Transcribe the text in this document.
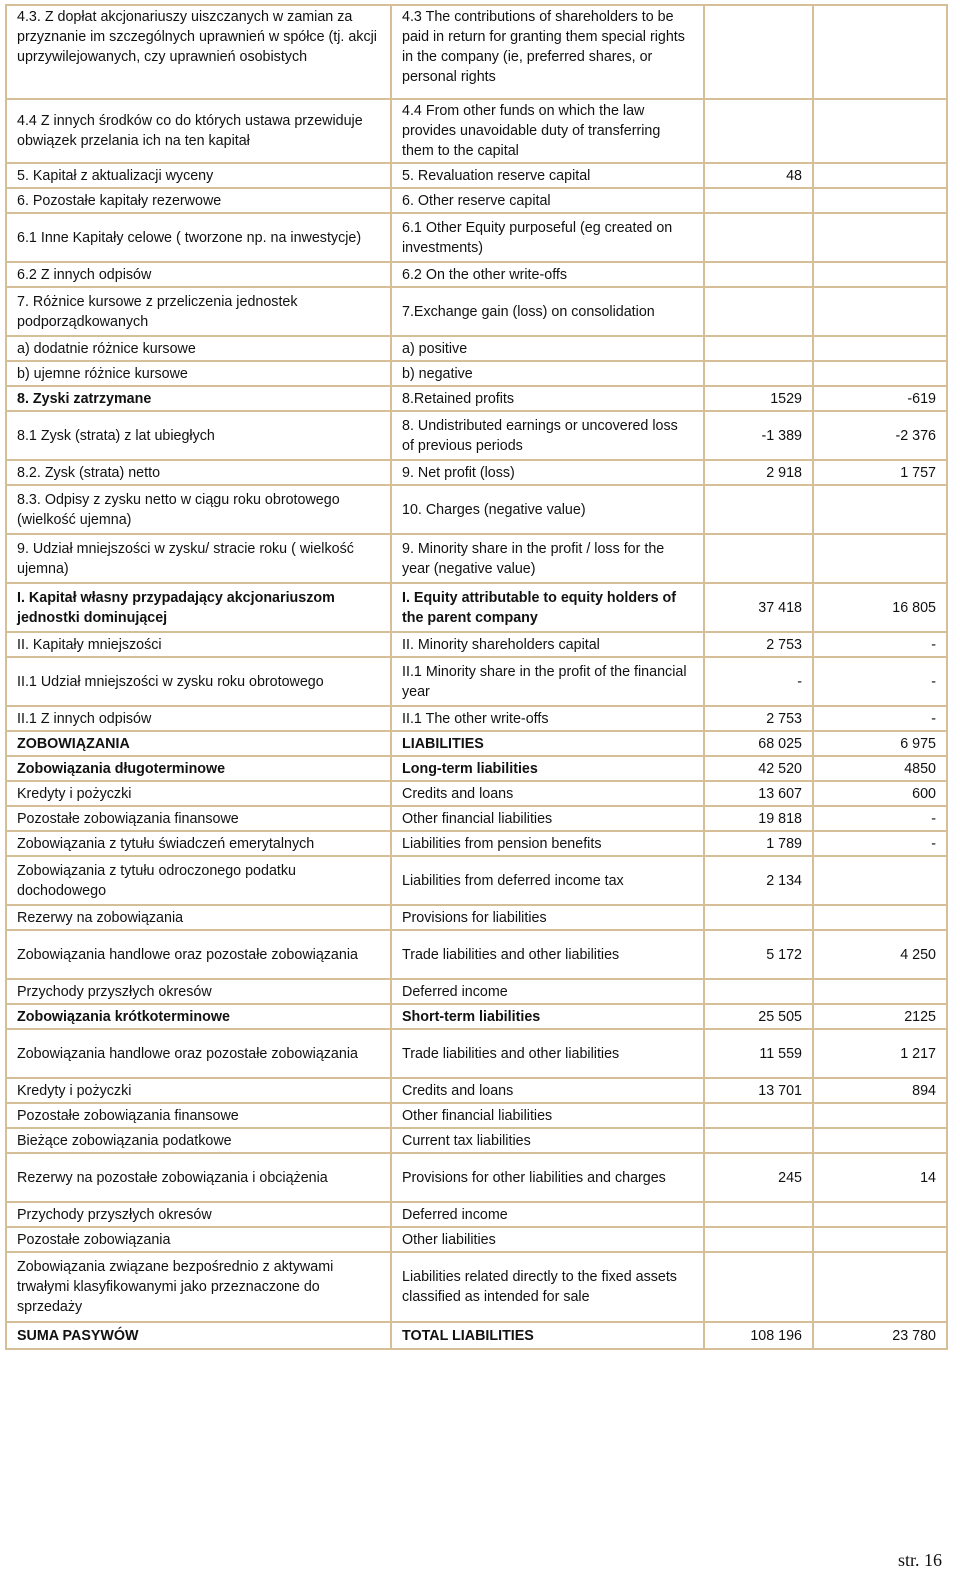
4.3. Z dopłat akcjonariuszy uiszczanych w zamian za przyznanie im szczególnych uprawnień w spółce (tj. akcji uprzywilejowanych, czy uprawnień osobistych	4.3 The contributions of shareholders to be paid in return for granting them special rights in the company (ie, preferred shares, or personal rights		
4.4 Z innych środków co do których ustawa przewiduje obwiązek przelania ich na ten kapitał	4.4 From other funds on which the law provides unavoidable duty of transferring them to the capital		
5. Kapitał z aktualizacji wyceny	5. Revaluation reserve capital	48	
6. Pozostałe kapitały rezerwowe	6. Other reserve capital		
6.1 Inne Kapitały celowe ( tworzone np. na inwestycje)	6.1 Other Equity purposeful (eg created on investments)		
6.2 Z innych odpisów	6.2 On the other write-offs		
7. Różnice kursowe z przeliczenia jednostek podporządkowanych	7.Exchange gain (loss) on consolidation		
a) dodatnie różnice kursowe	a) positive		
b) ujemne różnice kursowe	b) negative		
8. Zyski zatrzymane	8.Retained profits	1529	-619
8.1 Zysk (strata) z lat ubiegłych	8. Undistributed earnings or uncovered loss of previous periods	-1 389	-2 376
8.2. Zysk (strata) netto	9. Net profit (loss)	2 918	1 757
8.3. Odpisy z zysku netto w ciągu roku obrotowego (wielkość ujemna)	10. Charges (negative value)		
9. Udział mniejszości w zysku/ stracie roku ( wielkość ujemna)	9. Minority share in the profit / loss for the year (negative value)		
I. Kapitał własny przypadający akcjonariuszom jednostki dominującej	I. Equity attributable to equity holders of the parent company	37 418	16 805
II. Kapitały mniejszości	II. Minority shareholders capital	2 753	-
II.1 Udział mniejszości w zysku roku obrotowego	II.1 Minority share in the profit of the financial year	-	-
II.1 Z innych odpisów	II.1 The other write-offs	2 753	-
ZOBOWIĄZANIA	LIABILITIES	68 025	6 975
Zobowiązania długoterminowe	Long-term liabilities	42 520	4850
Kredyty i pożyczki	Credits and loans	13 607	600
Pozostałe zobowiązania finansowe	Other financial liabilities	19 818	-
Zobowiązania z tytułu świadczeń emerytalnych	Liabilities from pension benefits	1 789	-
Zobowiązania z tytułu odroczonego podatku dochodowego	Liabilities from deferred income tax	2 134	
Rezerwy na zobowiązania	Provisions for liabilities		
Zobowiązania handlowe oraz pozostałe zobowiązania	Trade liabilities and other liabilities	5 172	4 250
Przychody przyszłych okresów	Deferred income		
Zobowiązania krótkoterminowe	Short-term liabilities	25 505	2125
Zobowiązania handlowe oraz pozostałe zobowiązania	Trade liabilities and other liabilities	11 559	1 217
Kredyty i pożyczki	Credits and loans	13 701	894
Pozostałe zobowiązania finansowe	Other financial liabilities		
Bieżące zobowiązania podatkowe	Current tax liabilities		
Rezerwy na pozostałe zobowiązania i obciążenia	Provisions for other liabilities and charges	245	14
Przychody przyszłych okresów	Deferred income		
Pozostałe zobowiązania	Other liabilities		
Zobowiązania związane bezpośrednio z aktywami trwałymi klasyfikowanymi jako przeznaczone do sprzedaży	Liabilities related directly to the fixed assets classified as intended for sale		
SUMA PASYWÓW	TOTAL LIABILITIES	108 196	23 780
str. 16
